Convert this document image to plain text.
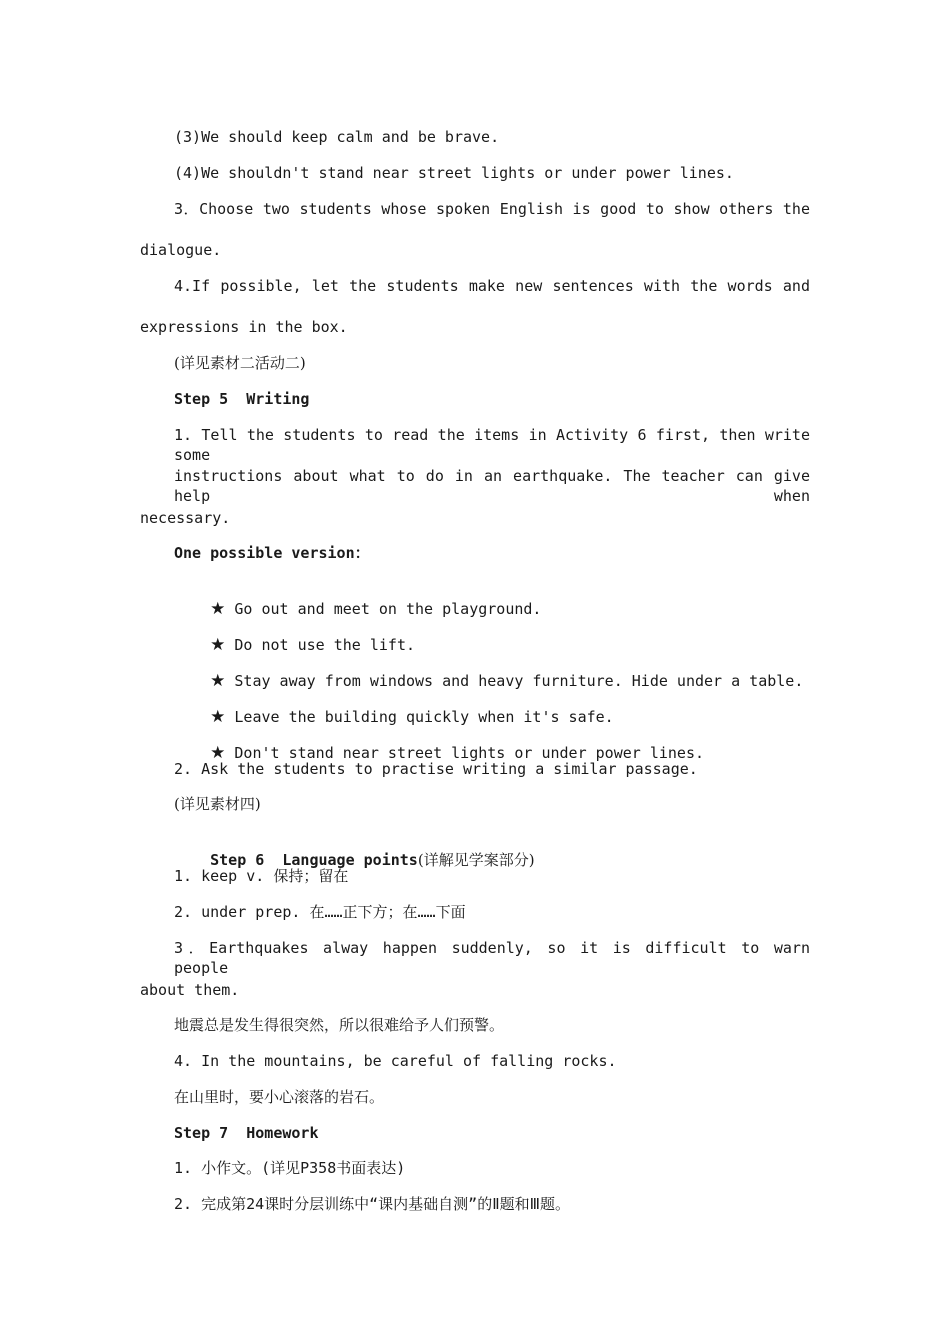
(3)We should keep calm and be brave.
(4)We shouldn't stand near street lights or under power lines.
3．Choose two students whose spoken English is good to show others the
dialogue.
4.If possible, let the students make new sentences with the words and
expressions in the box.
(详见素材二活动二)
Step 5  Writing
1. Tell the students to read the items in Activity 6 first, then write some
instructions about what to do in an earthquake. The teacher can give help when
necessary.
One possible version：

★ Go out and meet on the playground.

★ Do not use the lift.

★ Stay away from windows and heavy furniture. Hide under a table.

★ Leave the building quickly when it's safe.

★ Don't stand near street lights or under power lines.

2. Ask the students to practise writing a similar passage.
(详见素材四)

Step 6  Language points(详解见学案部分)

1. keep v. 保持；留在
2. under prep. 在……正下方；在……下面
3．Earthquakes alway happen suddenly, so it is difficult to warn people
about them.
地震总是发生得很突然，所以很难给予人们预警。
4. In the mountains, be careful of falling rocks.
在山里时，要小心滚落的岩石。
Step 7  Homework
1. 小作文。(详见P358书面表达)
2. 完成第24课时分层训练中“课内基础自测”的Ⅱ题和Ⅲ题。
